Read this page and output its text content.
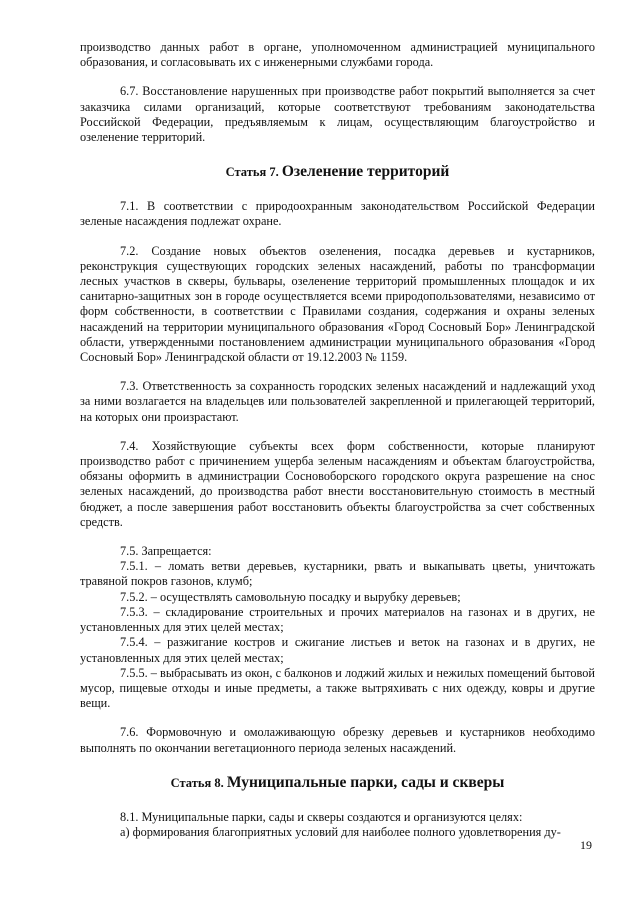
производство данных работ в органе, уполномоченном администрацией муниципального образования, и согласовывать их с инженерными службами города.

6.7. Восстановление нарушенных при производстве работ покрытий выполняется за счет заказчика силами организаций, которые соответствуют требованиям законодательства Российской Федерации, предъявляемым к лицам, осуществляющим благоустройство и озеленение территорий.

Статья 7. Озеленение территорий

7.1. В соответствии с природоохранным законодательством Российской Федерации зеленые насаждения подлежат охране.

7.2. Создание новых объектов озеленения, посадка деревьев и кустарников, реконструкция существующих городских зеленых насаждений, работы по трансформации лесных участков в скверы, бульвары, озеленение территорий промышленных площадок и их санитарно-защитных зон в городе осуществляется всеми природопользователями, независимо от форм собственности, в соответствии с Правилами создания, содержания и охраны зеленых насаждений на территории муниципального образования «Город Сосновый Бор» Ленинградской области, утвержденными постановлением администрации муниципального образования «Город Сосновый Бор» Ленинградской области от 19.12.2003 № 1159.

7.3. Ответственность за сохранность городских зеленых насаждений и надлежащий уход за ними возлагается на владельцев или пользователей закрепленной и прилегающей территорий, на которых они произрастают.

7.4. Хозяйствующие субъекты всех форм собственности, которые планируют производство работ с причинением ущерба зеленым насаждениям и объектам благоустройства, обязаны оформить в администрации Сосновоборского городского округа разрешение на снос зеленых насаждений, до производства работ внести восстановительную стоимость в местный бюджет, а после завершения работ восстановить объекты благоустройства за счет собственных средств.

7.5. Запрещается:

7.5.1. – ломать ветви деревьев, кустарники, рвать и выкапывать цветы, уничтожать травяной покров газонов, клумб;

7.5.2. – осуществлять самовольную посадку и вырубку деревьев;

7.5.3. – складирование строительных и прочих материалов на газонах и в других, не установленных для этих целей местах;

7.5.4. – разжигание костров и сжигание листьев и веток на газонах и в других, не установленных для этих целей местах;

7.5.5. – выбрасывать из окон, с балконов и лоджий жилых и нежилых помещений бытовой мусор, пищевые отходы и иные предметы, а также вытряхивать с них одежду, ковры и другие вещи.

7.6. Формовочную и омолаживающую обрезку деревьев и кустарников необходимо выполнять по окончании вегетационного периода зеленых насаждений.

Статья 8. Муниципальные парки, сады и скверы

8.1. Муниципальные парки, сады и скверы создаются и организуются целях:

а) формирования благоприятных условий для наиболее полного удовлетворения ду-

19
